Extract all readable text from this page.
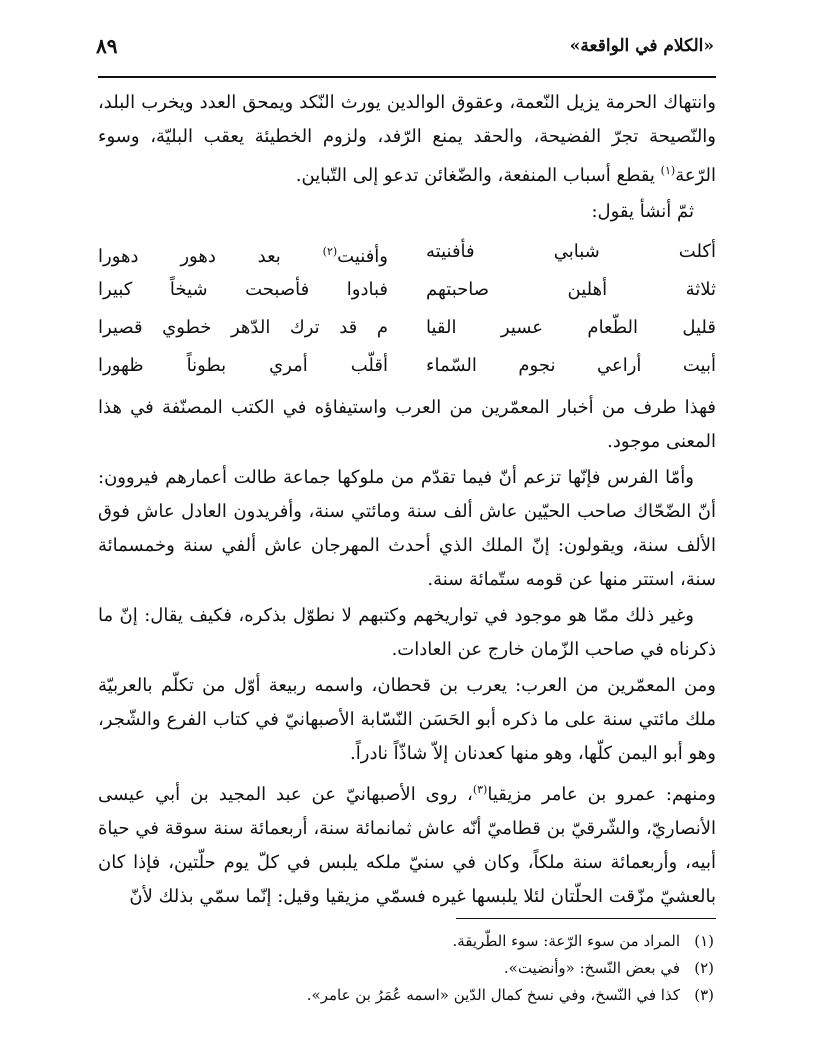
«الكلام في الواقعة»
٨٩

وانتهاك الحرمة يزيل النّعمة، وعقوق الوالدين يورث النّكد ويمحق العدد ويخرب البلد، والنّصيحة تجرّ الفضيحة، والحقد يمنع الرّفد، ولزوم الخطيئة يعقب البليّة، وسوء الرّعة$^{(١)}$ يقطع أسباب المنفعة، والضّغائن تدعو إلى التّباين.

ثمّ أنشأ يقول:

أكلت شبابي فأفنيته
وأفنيت$^{(٢)}$ بعد دهور دهورا
ثلاثة أهلين صاحبتهم
فبادوا فأصبحت شيخاً كبيرا
قليل الطّعام عسير القيا
م قد ترك الدّهر خطوي قصيرا
أبيت أراعي نجوم السّماء
أقلّب أمري بطوناً ظهورا

فهذا طرف من أخبار المعمّرين من العرب واستيفاؤه في الكتب المصنّفة في هذا المعنى موجود.

وأمّا الفرس فإنّها تزعم أنّ فيما تقدّم من ملوكها جماعة طالت أعمارهم فيروون: أنّ الضّحّاك صاحب الحيّين عاش ألف سنة ومائتي سنة، وأفريدون العادل عاش فوق الألف سنة، ويقولون: إنّ الملك الذي أحدث المهرجان عاش ألفي سنة وخمسمائة سنة، استتر منها عن قومه ستّمائة سنة.

وغير ذلك ممّا هو موجود في تواريخهم وكتبهم لا نطوّل بذكره، فكيف يقال: إنّ ما ذكرناه في صاحب الزّمان خارج عن العادات.

ومن المعمّرين من العرب: يعرب بن قحطان، واسمه ربيعة أوّل من تكلّم بالعربيّة ملك مائتي سنة على ما ذكره أبو الحَسَن النّسّابة الأصبهانيّ في كتاب الفرع والشّجر، وهو أبو اليمن كلّها، وهو منها كعدنان إلاّ شاذّاً نادراً.

ومنهم: عمرو بن عامر مزيقيا$^{(٣)}$، روى الأصبهانيّ عن عبد المجيد بن أبي عيسى الأنصاريّ، والشّرقيّ بن قطاميّ أنّه عاش ثمانمائة سنة، أربعمائة سنة سوقة في حياة أبيه، وأربعمائة سنة ملكاً، وكان في سنيّ ملكه يلبس في كلّ يوم حلّتين، فإذا كان بالعشيّ مزّقت الحلّتان لئلا يلبسها غيره فسمّي مزيقيا وقيل: إنّما سمّي بذلك لأنّ

(١)
المراد من سوء الرّعة: سوء الطّريقة.
(٢)
في بعض النّسخ: «وأنضيت».
(٣)
كذا في النّسخ، وفي نسخ كمال الدّين «اسمه عُمَرُ بن عامر».
